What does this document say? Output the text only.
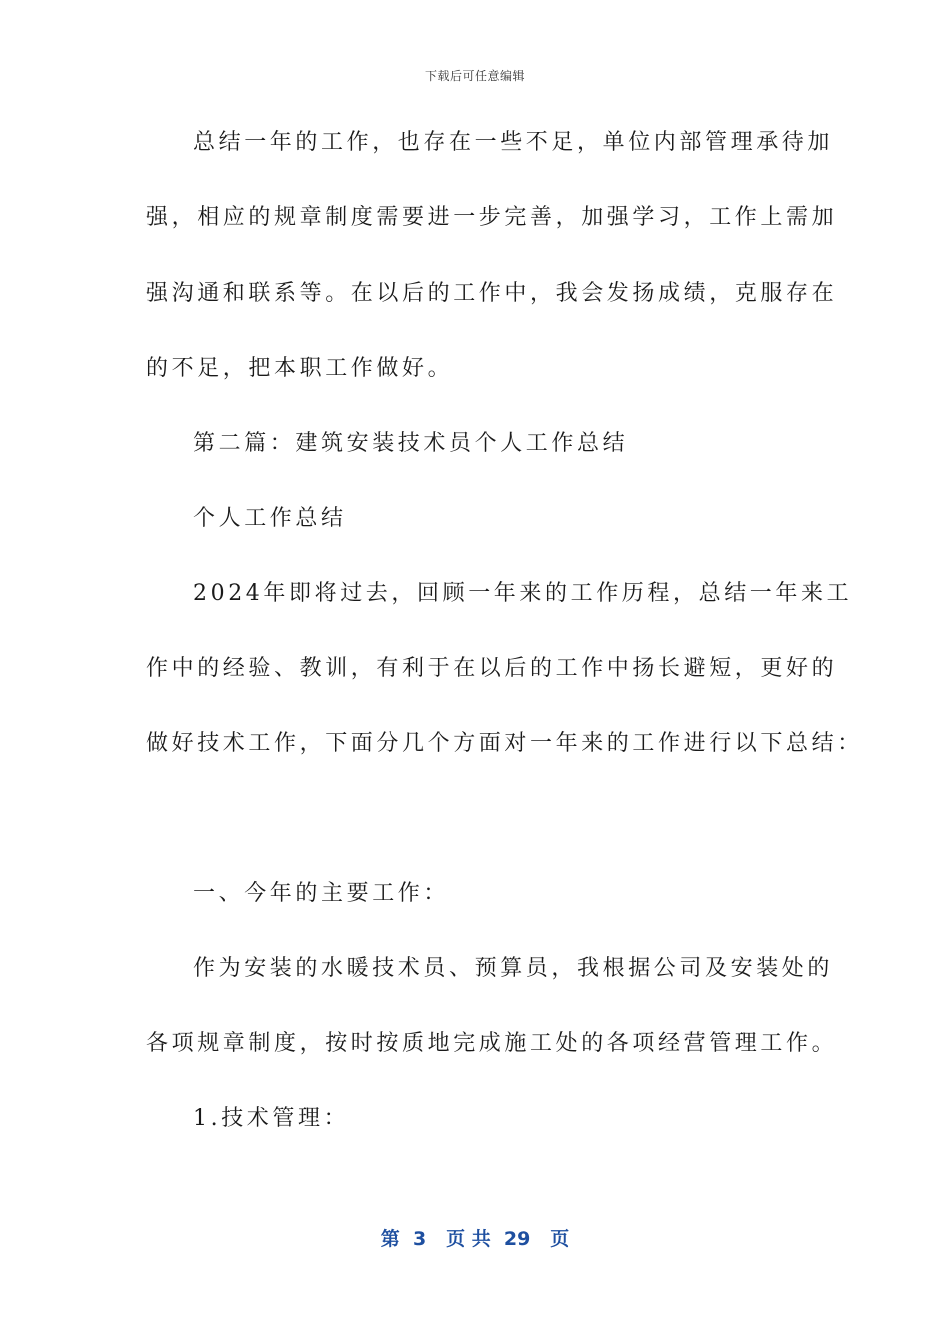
下载后可任意编辑
总结一年的工作，也存在一些不足，单位内部管理承待加
强，相应的规章制度需要进一步完善，加强学习，工作上需加
强沟通和联系等。在以后的工作中，我会发扬成绩，克服存在
的不足，把本职工作做好。
第二篇：建筑安装技术员个人工作总结
个人工作总结
2024年即将过去，回顾一年来的工作历程，总结一年来工
作中的经验、教训，有利于在以后的工作中扬长避短，更好的
做好技术工作，下面分几个方面对一年来的工作进行以下总结：
一、今年的主要工作：
作为安装的水暖技术员、预算员，我根据公司及安装处的
各项规章制度，按时按质地完成施工处的各项经营管理工作。
1.技术管理：
第  3   页 共  29   页
